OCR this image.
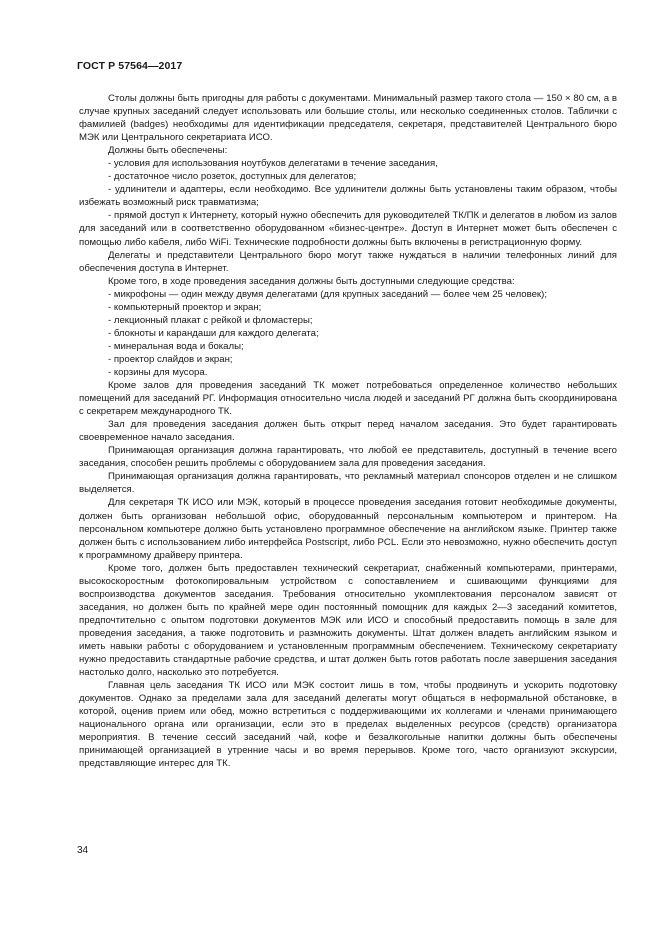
ГОСТ Р 57564—2017

Столы должны быть пригодны для работы с документами. Минимальный размер такого стола — 150 × 80 см, а в случае крупных заседаний следует использовать или большие столы, или несколько соединенных столов. Таблички с фамилией (badges) необходимы для идентификации председателя, секретаря, представителей Центрального бюро МЭК или Центрального секретариата ИСО.

Должны быть обеспечены:

- условия для использования ноутбуков делегатами в течение заседания,

- достаточное число розеток, доступных для делегатов;

- удлинители и адаптеры, если необходимо. Все удлинители должны быть установлены таким образом, чтобы избежать возможный риск травматизма;

- прямой доступ к Интернету, который нужно обеспечить для руководителей ТК/ПК и делегатов в любом из залов для заседаний или в соответственно оборудованном «бизнес-центре». Доступ в Интернет может быть обеспечен с помощью либо кабеля, либо WiFi. Технические подробности должны быть включены в регистрационную форму.

Делегаты и представители Центрального бюро могут также нуждаться в наличии телефонных линий для обеспечения доступа в Интернет.

Кроме того, в ходе проведения заседания должны быть доступными следующие средства:

- микрофоны — один между двумя делегатами (для крупных заседаний — более чем 25 человек);

- компьютерный проектор и экран;

- лекционный плакат с рейкой и фломастеры;

- блокноты и карандаши для каждого делегата;

- минеральная вода и бокалы;

- проектор слайдов и экран;

- корзины для мусора.

Кроме залов для проведения заседаний ТК может потребоваться определенное количество небольших помещений для заседаний РГ. Информация относительно числа людей и заседаний РГ должна быть скоординирована с секретарем международного ТК.

Зал для проведения заседания должен быть открыт перед началом заседания. Это будет гарантировать своевременное начало заседания.

Принимающая организация должна гарантировать, что любой ее представитель, доступный в течение всего заседания, способен решить проблемы с оборудованием зала для проведения заседания.

Принимающая организация должна гарантировать, что рекламный материал спонсоров отделен и не слишком выделяется.

Для секретаря ТК ИСО или МЭК, который в процессе проведения заседания готовит необходимые документы, должен быть организован небольшой офис, оборудованный персональным компьютером и принтером. На персональном компьютере должно быть установлено программное обеспечение на английском языке. Принтер также должен быть с использованием либо интерфейса Postscript, либо PCL. Если это невозможно, нужно обеспечить доступ к программному драйверу принтера.

Кроме того, должен быть предоставлен технический секретариат, снабженный компьютерами, принтерами, высокоскоростным фотокопировальным устройством с сопоставлением и сшивающими функциями для воспроизводства документов заседания. Требования относительно укомплектования персоналом зависят от заседания, но должен быть по крайней мере один постоянный помощник для каждых 2—3 заседаний комитетов, предпочтительно с опытом подготовки документов МЭК или ИСО и способный предоставить помощь в зале для проведения заседания, а также подготовить и размножить документы. Штат должен владеть английским языком и иметь навыки работы с оборудованием и установленным программным обеспечением. Техническому секретариату нужно предоставить стандартные рабочие средства, и штат должен быть готов работать после завершения заседания настолько долго, насколько это потребуется.

Главная цель заседания ТК ИСО или МЭК состоит лишь в том, чтобы продвинуть и ускорить подготовку документов. Однако за пределами зала для заседаний делегаты могут общаться в неформальной обстановке, в которой, оценив прием или обед, можно встретиться с поддерживающими их коллегами и членами принимающего национального органа или организации, если это в пределах выделенных ресурсов (средств) организатора мероприятия. В течение сессий заседаний чай, кофе и безалкогольные напитки должны быть обеспечены принимающей организацией в утренние часы и во время перерывов. Кроме того, часто организуют экскурсии, представляющие интерес для ТК.

34
